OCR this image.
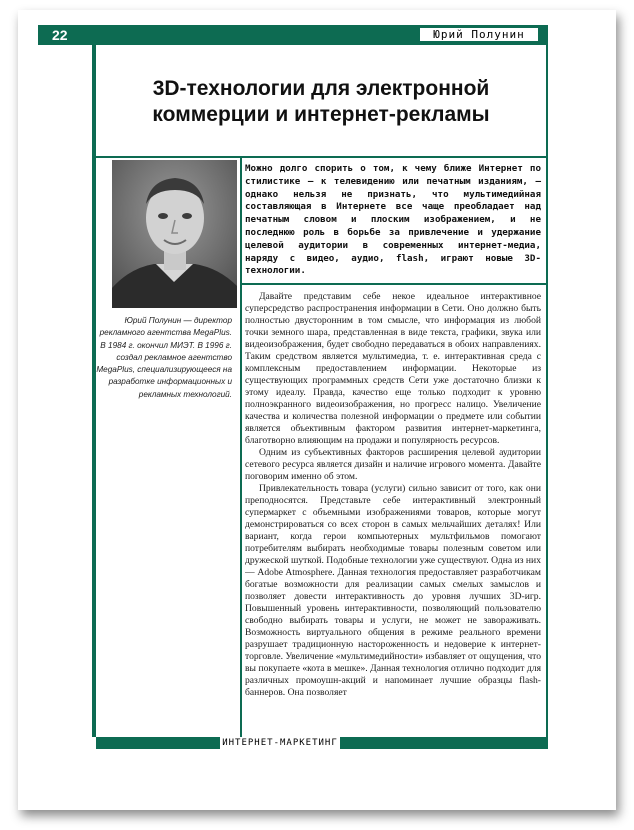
22	Юрий Полунин
3D-технологии для электронной
коммерции и интернет-рекламы
Юрий Полунин — директор рекламного агентства MegaPlus. В 1984 г. окончил МИЭТ. В 1996 г. создал рекламное агентство MegaPlus, специализирующееся на разработке информационных и рекламных технологий.
Можно долго спорить о том, к чему ближе Интернет по стилистике — к телевидению или печатным изданиям, — однако нельзя не признать, что мультимедийная составляющая в Интернете все чаще преобладает над печатным словом и плоским изображением, и не последнюю роль в борьбе за привлечение и удержание целевой аудитории в современных интернет-медиа, наряду с видео, аудио, flash, играют новые 3D-технологии.

Давайте представим себе некое идеальное интерактивное суперсредство распространения информации в Сети. Оно должно быть полностью двусторонним в том смысле, что информация из любой точки земного шара, представленная в виде текста, графики, звука или видеоизображения, будет свободно передаваться в обоих направлениях. Таким средством является мультимедиа, т. е. интерактивная среда с комплексным предоставлением информации. Некоторые из существующих программных средств Сети уже достаточно близки к этому идеалу. Правда, качество еще только подходит к уровню полноэкранного видеоизображения, но прогресс налицо. Увеличение качества и количества полезной информации о предмете или событии является объективным фактором развития интернет-маркетинга, благотворно влияющим на продажи и популярность ресурсов.

Одним из субъективных факторов расширения целевой аудитории сетевого ресурса является дизайн и наличие игрового момента. Давайте поговорим именно об этом.

Привлекательность товара (услуги) сильно зависит от того, как они преподносятся. Представьте себе интерактивный электронный супермаркет с объемными изображениями товаров, которые могут демонстрироваться со всех сторон в самых мельчайших деталях! Или вариант, когда герои компьютерных мультфильмов помогают потребителям выбирать необходимые товары полезным советом или дружеской шуткой. Подобные технологии уже существуют. Одна из них — Adobe Atmosphere. Данная технология предоставляет разработчикам богатые возможности для реализации самых смелых замыслов и позволяет довести интерактивность до уровня лучших 3D-игр. Повышенный уровень интерактивности, позволяющий пользователю свободно выбирать товары и услуги, не может не завораживать. Возможность виртуального общения в режиме реального времени разрушает традиционную настороженность и недоверие к интернет-торговле. Увеличение «мультимедийности» избавляет от ощущения, что вы покупаете «кота в мешке». Данная технология отлично подходит для различных промоушн-акций и напоминает лучшие образцы flash-баннеров. Она позволяет

ИНТЕРНЕТ-МАРКЕТИНГ
